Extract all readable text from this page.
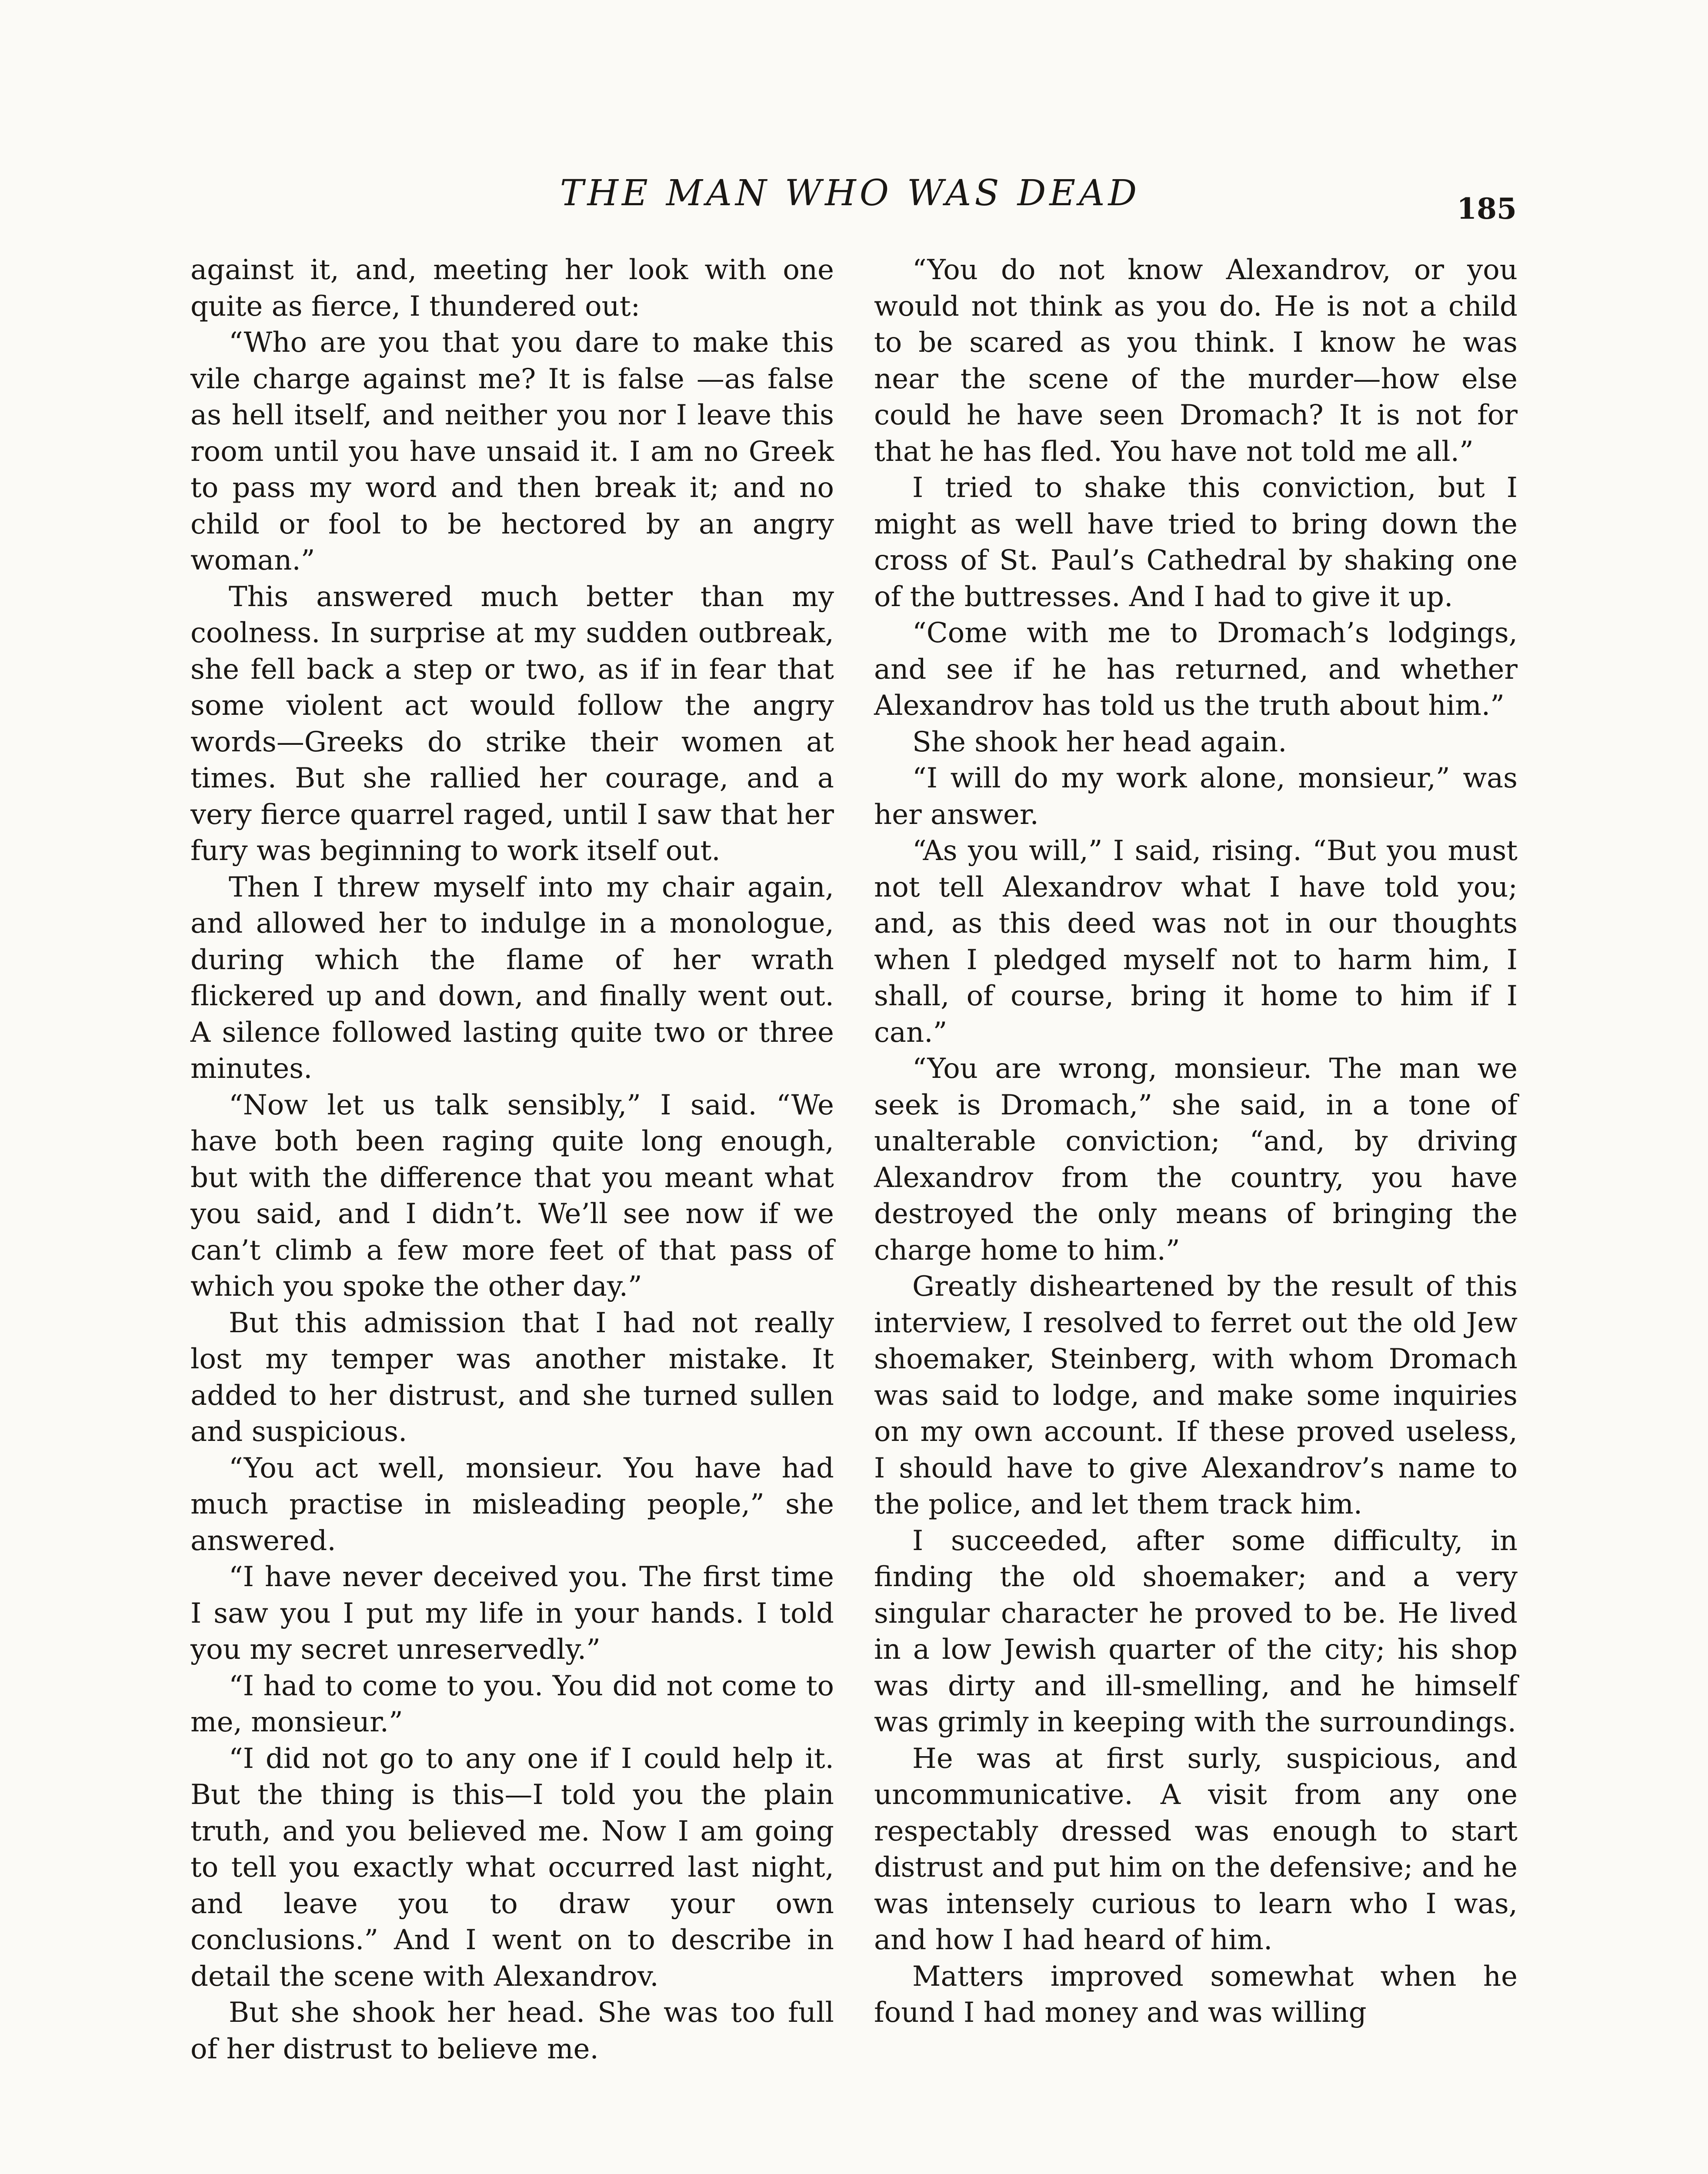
THE MAN WHO WAS DEAD	185

against it, and, meeting her look with one quite as fierce, I thundered out:

“Who are you that you dare to make this vile charge against me? It is false —as false as hell itself, and neither you nor I leave this room until you have unsaid it. I am no Greek to pass my word and then break it; and no child or fool to be hectored by an angry woman.”

This answered much better than my coolness. In surprise at my sudden outbreak, she fell back a step or two, as if in fear that some violent act would follow the angry words—Greeks do strike their women at times. But she rallied her courage, and a very fierce quarrel raged, until I saw that her fury was beginning to work itself out.

Then I threw myself into my chair again, and allowed her to indulge in a monologue, during which the flame of her wrath flickered up and down, and finally went out. A silence followed lasting quite two or three minutes.

“Now let us talk sensibly,” I said. “We have both been raging quite long enough, but with the difference that you meant what you said, and I didn’t. We’ll see now if we can’t climb a few more feet of that pass of which you spoke the other day.”

But this admission that I had not really lost my temper was another mistake. It added to her distrust, and she turned sullen and suspicious.

“You act well, monsieur. You have had much practise in misleading people,” she answered.

“I have never deceived you. The first time I saw you I put my life in your hands. I told you my secret unreservedly.”

“I had to come to you. You did not come to me, monsieur.”

“I did not go to any one if I could help it. But the thing is this—I told you the plain truth, and you believed me. Now I am going to tell you exactly what occurred last night, and leave you to draw your own conclusions.” And I went on to describe in detail the scene with Alexandrov.

But she shook her head. She was too full of her distrust to believe me.

“You do not know Alexandrov, or you would not think as you do. He is not a child to be scared as you think. I know he was near the scene of the murder—how else could he have seen Dromach? It is not for that he has fled. You have not told me all.”

I tried to shake this conviction, but I might as well have tried to bring down the cross of St. Paul’s Cathedral by shaking one of the buttresses. And I had to give it up.

“Come with me to Dromach’s lodgings, and see if he has returned, and whether Alexandrov has told us the truth about him.”

She shook her head again.

“I will do my work alone, monsieur,” was her answer.

“As you will,” I said, rising. “But you must not tell Alexandrov what I have told you; and, as this deed was not in our thoughts when I pledged myself not to harm him, I shall, of course, bring it home to him if I can.”

“You are wrong, monsieur. The man we seek is Dromach,” she said, in a tone of unalterable conviction; “and, by driving Alexandrov from the country, you have destroyed the only means of bringing the charge home to him.”

Greatly disheartened by the result of this interview, I resolved to ferret out the old Jew shoemaker, Steinberg, with whom Dromach was said to lodge, and make some inquiries on my own account. If these proved useless, I should have to give Alexandrov’s name to the police, and let them track him.

I succeeded, after some difficulty, in finding the old shoemaker; and a very singular character he proved to be. He lived in a low Jewish quarter of the city; his shop was dirty and ill-smelling, and he himself was grimly in keeping with the surroundings.

He was at first surly, suspicious, and uncommunicative. A visit from any one respectably dressed was enough to start distrust and put him on the defensive; and he was intensely curious to learn who I was, and how I had heard of him.

Matters improved somewhat when he found I had money and was willing
